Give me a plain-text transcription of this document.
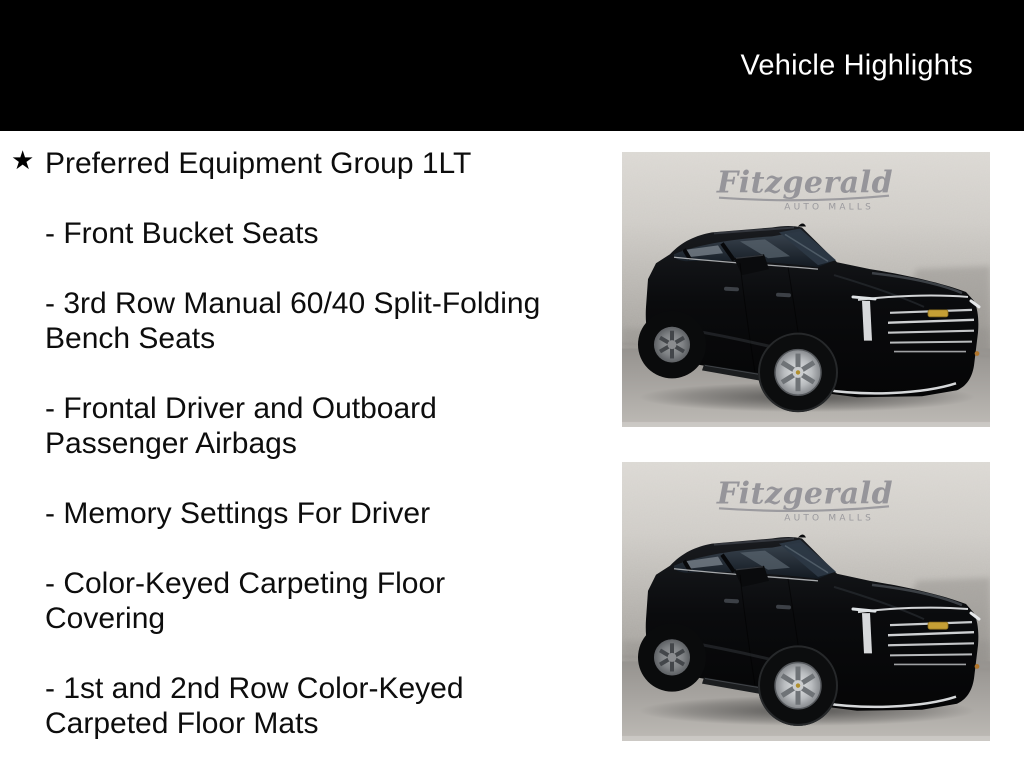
Vehicle Highlights

★ Preferred Equipment Group 1LT

- Front Bucket Seats

- 3rd Row Manual 60/40 Split-Folding Bench Seats

- Frontal Driver and Outboard Passenger Airbags

- Memory Settings For Driver

- Color-Keyed Carpeting Floor Covering

- 1st and 2nd Row Color-Keyed Carpeted Floor Mats

Fitzgerald
AUTO MALLS
